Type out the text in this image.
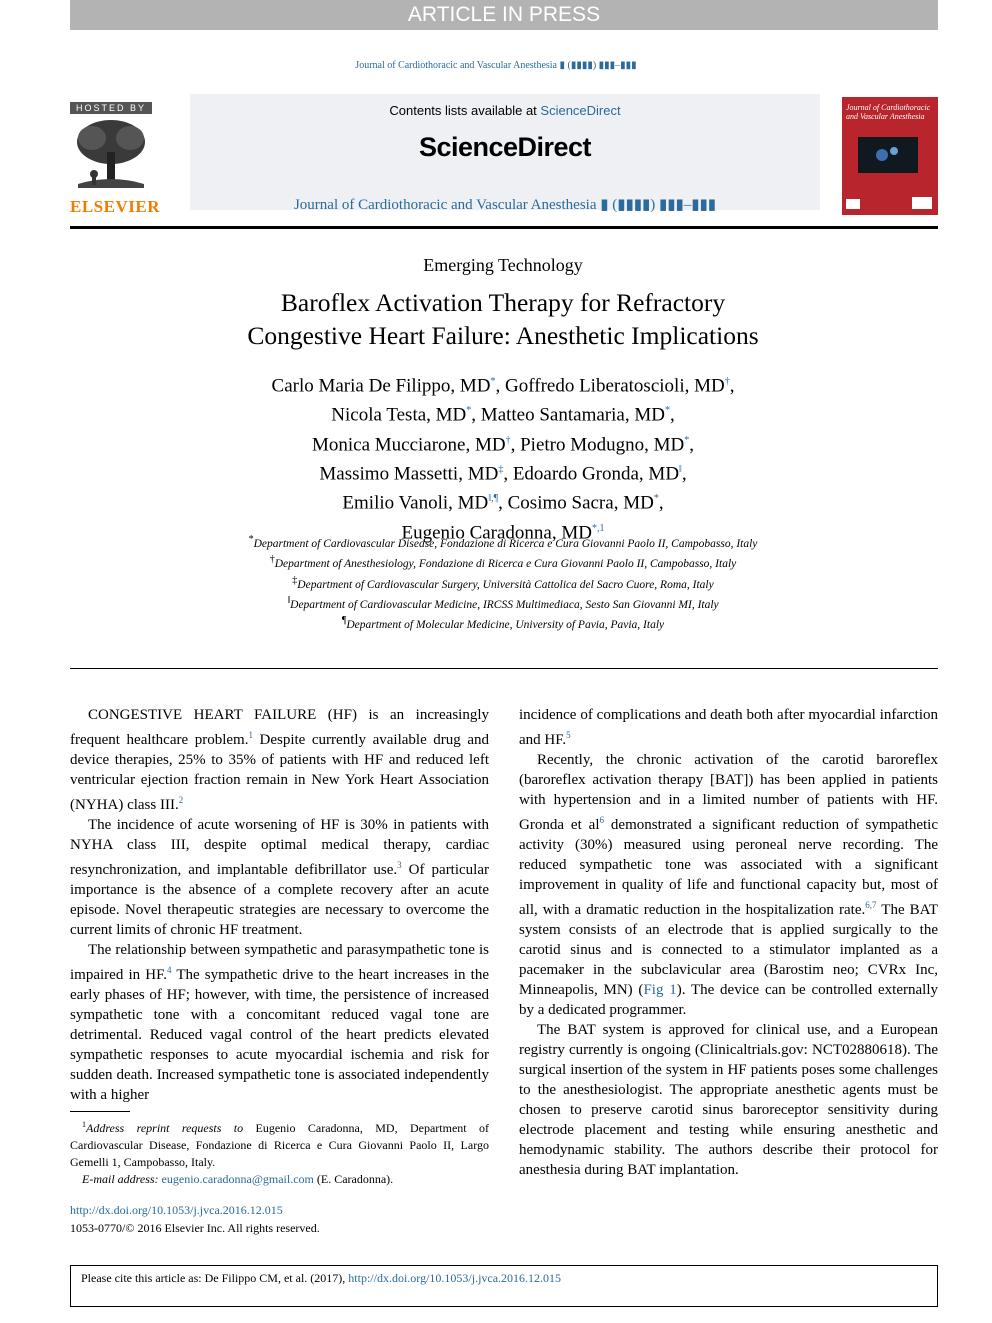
ARTICLE IN PRESS
Journal of Cardiothoracic and Vascular Anesthesia ▮ (▮▮▮▮) ▮▮▮–▮▮▮
HOSTED BY
ELSEVIER
Contents lists available at ScienceDirect
ScienceDirect
Journal of Cardiothoracic and Vascular Anesthesia ▮ (▮▮▮▮) ▮▮▮–▮▮▮
Journal of Cardiothoracic and Vascular Anesthesia
Emerging Technology
Baroflex Activation Therapy for Refractory
Congestive Heart Failure: Anesthetic Implications
Carlo Maria De Filippo, MD*, Goffredo Liberatoscioli, MD†,
Nicola Testa, MD*, Matteo Santamaria, MD*,
Monica Mucciarone, MD†, Pietro Modugno, MD*,
Massimo Massetti, MD‡, Edoardo Gronda, MD‖,
Emilio Vanoli, MD‖,¶, Cosimo Sacra, MD*,
Eugenio Caradonna, $MD^{*,1}$
*Department of Cardiovascular Disease, Fondazione di Ricerca e Cura Giovanni Paolo II, Campobasso, Italy
†Department of Anesthesiology, Fondazione di Ricerca e Cura Giovanni Paolo II, Campobasso, Italy
‡Department of Cardiovascular Surgery, Università Cattolica del Sacro Cuore, Roma, Italy
‖Department of Cardiovascular Medicine, IRCSS Multimediaca, Sesto San Giovanni MI, Italy
¶Department of Molecular Medicine, University of Pavia, Pavia, Italy

CONGESTIVE HEART FAILURE (HF) is an increasingly frequent healthcare problem.$^1$ Despite currently available drug and device therapies, 25% to 35% of patients with HF and reduced left ventricular ejection fraction remain in New York Heart Association (NYHA) class III.$^2$

The incidence of acute worsening of HF is 30% in patients with NYHA class III, despite optimal medical therapy, cardiac resynchronization, and implantable defibrillator use.$^3$ Of particular importance is the absence of a complete recovery after an acute episode. Novel therapeutic strategies are necessary to overcome the current limits of chronic HF treatment.

The relationship between sympathetic and parasympathetic tone is impaired in HF.$^4$ The sympathetic drive to the heart increases in the early phases of HF; however, with time, the persistence of increased sympathetic tone with a concomitant reduced vagal tone are detrimental. Reduced vagal control of the heart predicts elevated sympathetic responses to acute myocardial ischemia and risk for sudden death. Increased sympathetic tone is associated independently with a higher

incidence of complications and death both after myocardial infarction and HF.$^5$

Recently, the chronic activation of the carotid baroreflex (baroreflex activation therapy [BAT]) has been applied in patients with hypertension and in a limited number of patients with HF. Gronda et $al^6$ demonstrated a significant reduction of sympathetic activity (30%) measured using peroneal nerve recording. The reduced sympathetic tone was associated with a significant improvement in quality of life and functional capacity but, most of all, with a dramatic reduction in the hospitalization rate.$^{6,7}$ The BAT system consists of an electrode that is applied surgically to the carotid sinus and is connected to a stimulator implanted as a pacemaker in the subclavicular area (Barostim neo; CVRx Inc, Minneapolis, MN) (Fig 1). The device can be controlled externally by a dedicated programmer.

The BAT system is approved for clinical use, and a European registry currently is ongoing (Clinicaltrials.gov: NCT02880618). The surgical insertion of the system in HF patients poses some challenges to the anesthesiologist. The appropriate anesthetic agents must be chosen to preserve carotid sinus baroreceptor sensitivity during electrode placement and testing while ensuring anesthetic and hemodynamic stability. The authors describe their protocol for anesthesia during BAT implantation.

$^1$Address reprint requests to Eugenio Caradonna, MD, Department of Cardiovascular Disease, Fondazione di Ricerca e Cura Giovanni Paolo II, Largo Gemelli 1, Campobasso, Italy.

E-mail address: eugenio.caradonna@gmail.com (E. Caradonna).

http://dx.doi.org/10.1053/j.jvca.2016.12.015
1053-0770/© 2016 Elsevier Inc. All rights reserved.
Please cite this article as: De Filippo CM, et al. (2017), http://dx.doi.org/10.1053/j.jvca.2016.12.015
